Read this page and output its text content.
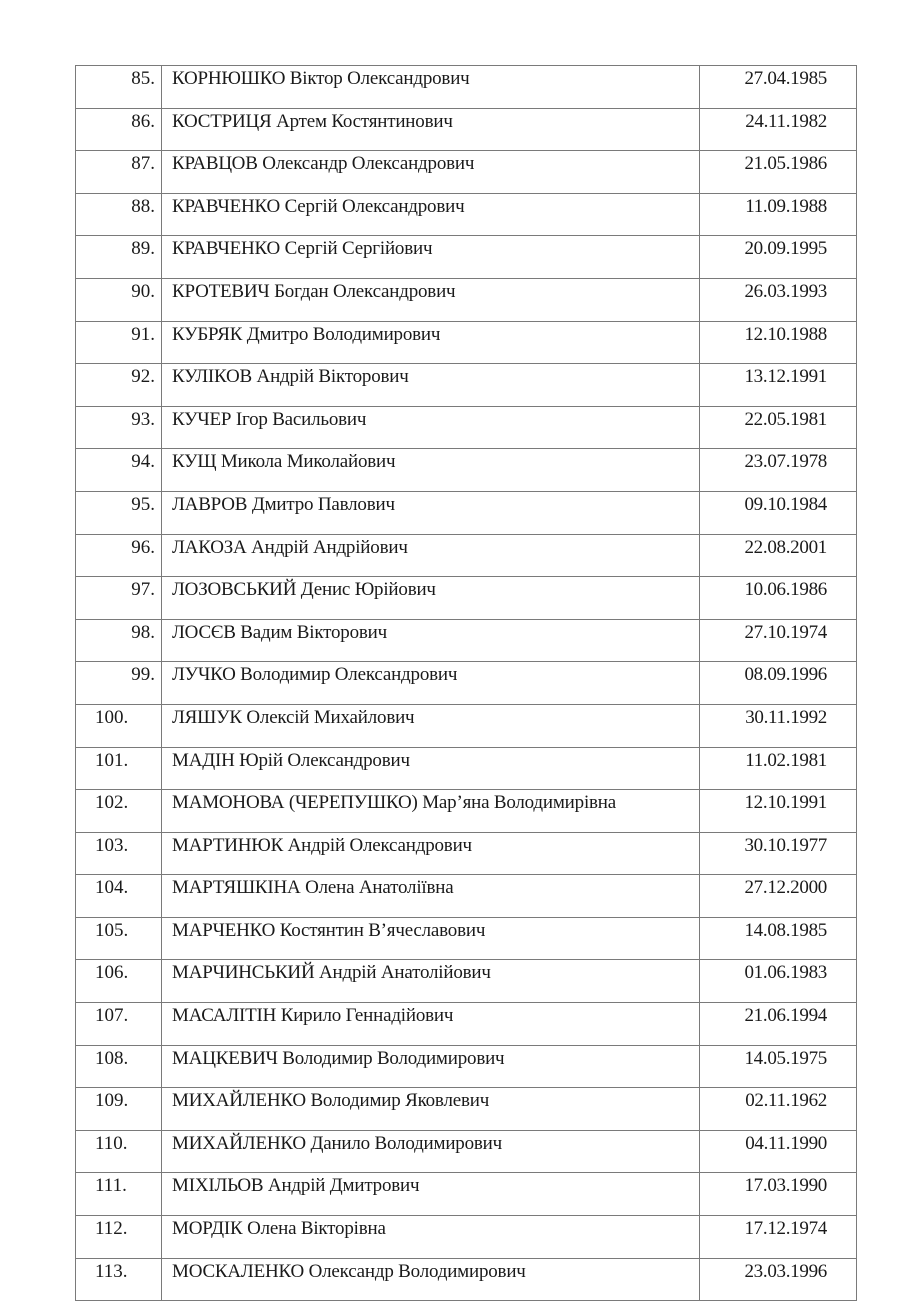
85.	КОРНЮШКО Віктор Олександрович	27.04.1985
86.	КОСТРИЦЯ Артем Костянтинович	24.11.1982
87.	КРАВЦОВ Олександр Олександрович	21.05.1986
88.	КРАВЧЕНКО Сергій Олександрович	11.09.1988
89.	КРАВЧЕНКО Сергій Сергійович	20.09.1995
90.	КРОТЕВИЧ Богдан Олександрович	26.03.1993
91.	КУБРЯК Дмитро Володимирович	12.10.1988
92.	КУЛІКОВ Андрій Вікторович	13.12.1991
93.	КУЧЕР Ігор Васильович	22.05.1981
94.	КУЩ Микола Миколайович	23.07.1978
95.	ЛАВРОВ Дмитро Павлович	09.10.1984
96.	ЛАКОЗА Андрій Андрійович	22.08.2001
97.	ЛОЗОВСЬКИЙ Денис Юрійович	10.06.1986
98.	ЛОСЄВ Вадим Вікторович	27.10.1974
99.	ЛУЧКО Володимир Олександрович	08.09.1996
100.	ЛЯШУК Олексій Михайлович	30.11.1992
101.	МАДІН Юрій Олександрович	11.02.1981
102.	МАМОНОВА (ЧЕРЕПУШКО) Мар’яна Володимирівна	12.10.1991
103.	МАРТИНЮК Андрій Олександрович	30.10.1977
104.	МАРТЯШКІНА Олена Анатоліївна	27.12.2000
105.	МАРЧЕНКО Костянтин В’ячеславович	14.08.1985
106.	МАРЧИНСЬКИЙ Андрій Анатолійович	01.06.1983
107.	МАСАЛІТІН Кирило Геннадійович	21.06.1994
108.	МАЦКЕВИЧ Володимир Володимирович	14.05.1975
109.	МИХАЙЛЕНКО Володимир Яковлевич	02.11.1962
110.	МИХАЙЛЕНКО Данило Володимирович	04.11.1990
111.	МІХІЛЬОВ Андрій Дмитрович	17.03.1990
112.	МОРДІК Олена Вікторівна	17.12.1974
113.	МОСКАЛЕНКО Олександр Володимирович	23.03.1996
